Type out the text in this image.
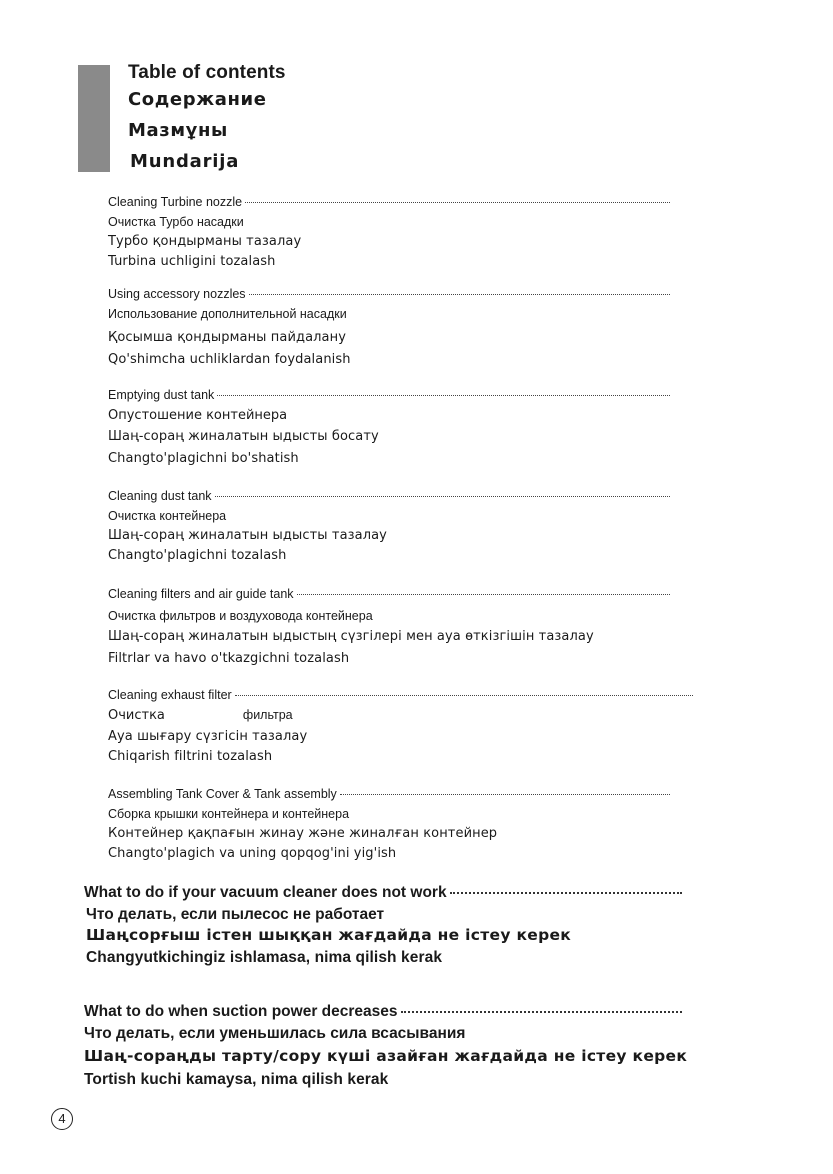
Table of contents
Содержание
Мазмұны
Mundarija
Cleaning Turbine nozzle
Очистка Турбо насадки
Турбо қондырманы тазалау
Turbina uchligini tozalash
Using accessory nozzles
Использование дополнительной насадки
Қосымша қондырманы пайдалану
Qo'shimcha uchliklardan foydalanish
Emptying dust tank
Опустошение контейнера
Шаң-сораң жиналатын ыдысты босату
Changto'plagichni bo'shatish
Cleaning dust tank
Очистка контейнера
Шаң-сораң жиналатын ыдысты тазалау
Changto'plagichni tozalash
Cleaning filters and air guide tank
Очистка фильтров и воздуховода контейнера
Шаң-сораң жиналатын ыдыстың сүзгілері мен ауа өткізгішін тазалау
Filtrlar va havo o'tkazgichni tozalash
Cleaning exhaust filter
Очистка	фильтра
Ауа шығару сүзгісін тазалау
Chiqarish filtrini tozalash
Assembling Tank Cover & Tank assembly
Сборка крышки контейнера и контейнера
Контейнер қақпағын жинау және жиналған контейнер
Changto'plagich va uning qopqog'ini yig'ish
What to do if your vacuum cleaner does not work
Что делать, если пылесос не работает
Шаңсорғыш істен шыққан жағдайда не істеу керек
Changyutkichingiz ishlamasa, nima qilish kerak
What to do when suction power decreases
Что делать, если уменьшилась сила всасывания
Шаң-сораңды тарту/сору күші азайған жағдайда не істеу керек
Tortish kuchi kamaysa, nima qilish kerak
4
